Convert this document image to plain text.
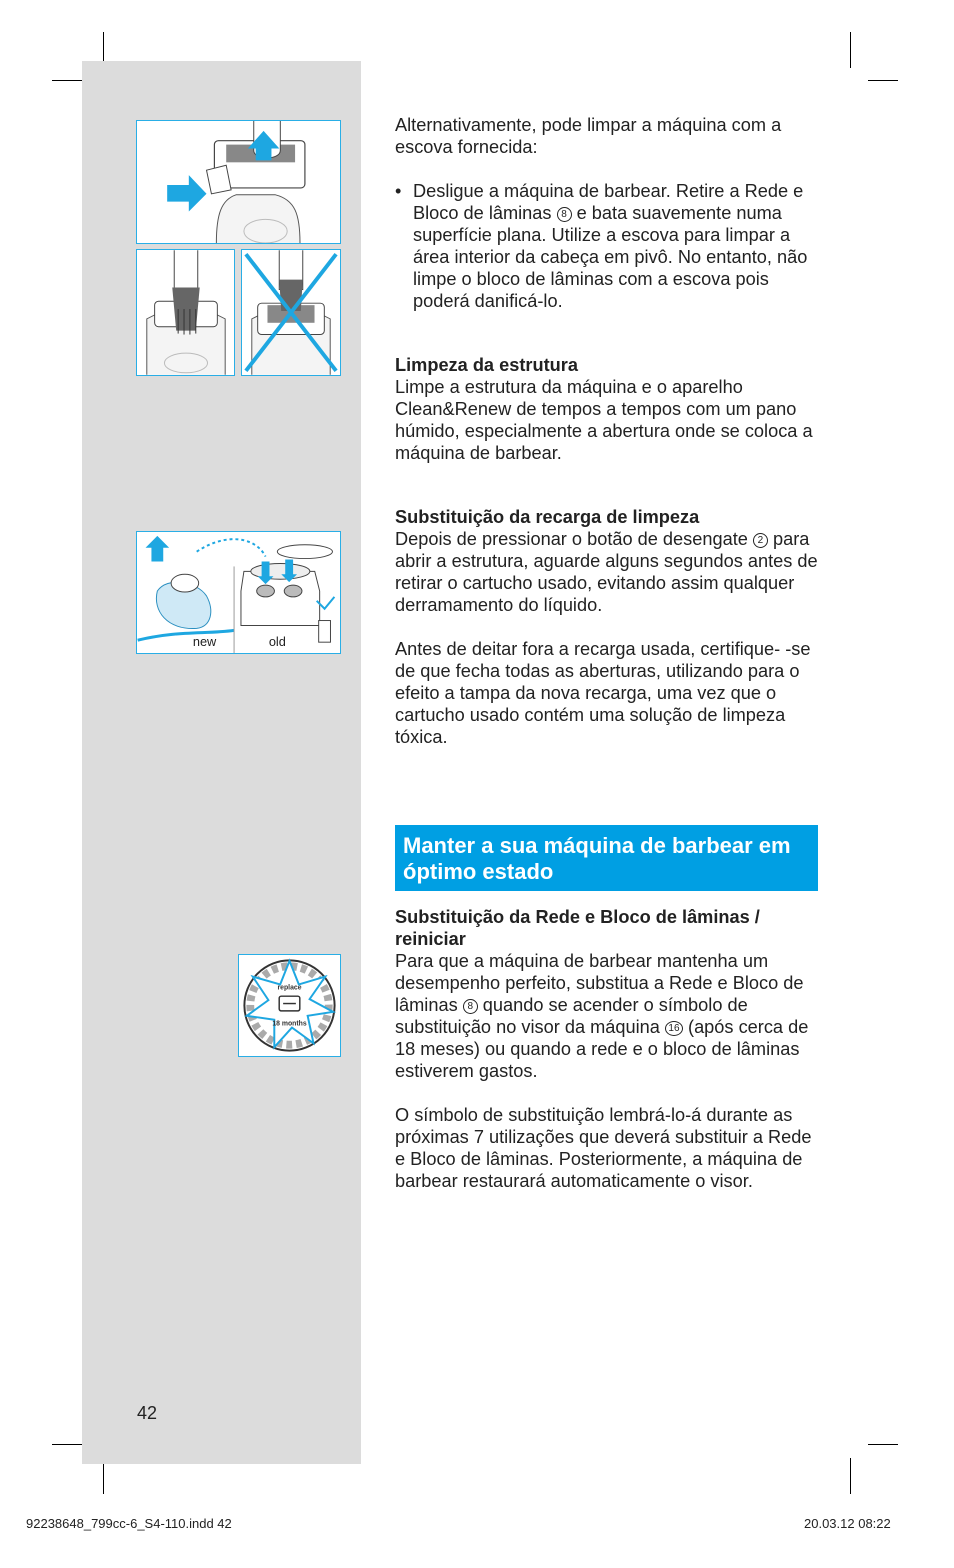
new	old
replace
18 months
42

Alternativamente, pode limpar a máquina com a escova fornecida:

• Desligue a máquina de barbear. Retire a Rede e Bloco de lâminas 8 e bata suavemente numa superfície plana. Utilize a escova para limpar a área interior da cabeça em pivô. No entanto, não limpe o bloco de lâminas com a escova pois poderá danificá-lo.

Limpeza da estrutura

Limpe a estrutura da máquina e o aparelho Clean&Renew de tempos a tempos com um pano húmido, especialmente a abertura onde se coloca a máquina de barbear.

Substituição da recarga de limpeza

Depois de pressionar o botão de desengate 2 para abrir a estrutura, aguarde alguns segundos antes de retirar o cartucho usado, evitando assim qualquer derramamento do líquido.

Antes de deitar fora a recarga usada, certifique- -se de que fecha todas as aberturas, utilizando para o efeito a tampa da nova recarga, uma vez que o cartucho usado contém uma solução de limpeza tóxica.

Substituição da Rede e Bloco de lâminas / reiniciar

Para que a máquina de barbear mantenha um desempenho perfeito, substitua a Rede e Bloco de lâminas 8 quando se acender o símbolo de substituição no visor da máquina 16 (após cerca de 18 meses) ou quando a rede e o bloco de lâminas estiverem gastos.

O símbolo de substituição lembrá-lo-á durante as próximas 7 utilizações que deverá substituir a Rede e Bloco de lâminas. Posteriormente, a máquina de barbear restaurará automaticamente o visor.

Manter a sua máquina de barbear em óptimo estado
92238648_799cc-6_S4-110.indd 42	20.03.12 08:22
